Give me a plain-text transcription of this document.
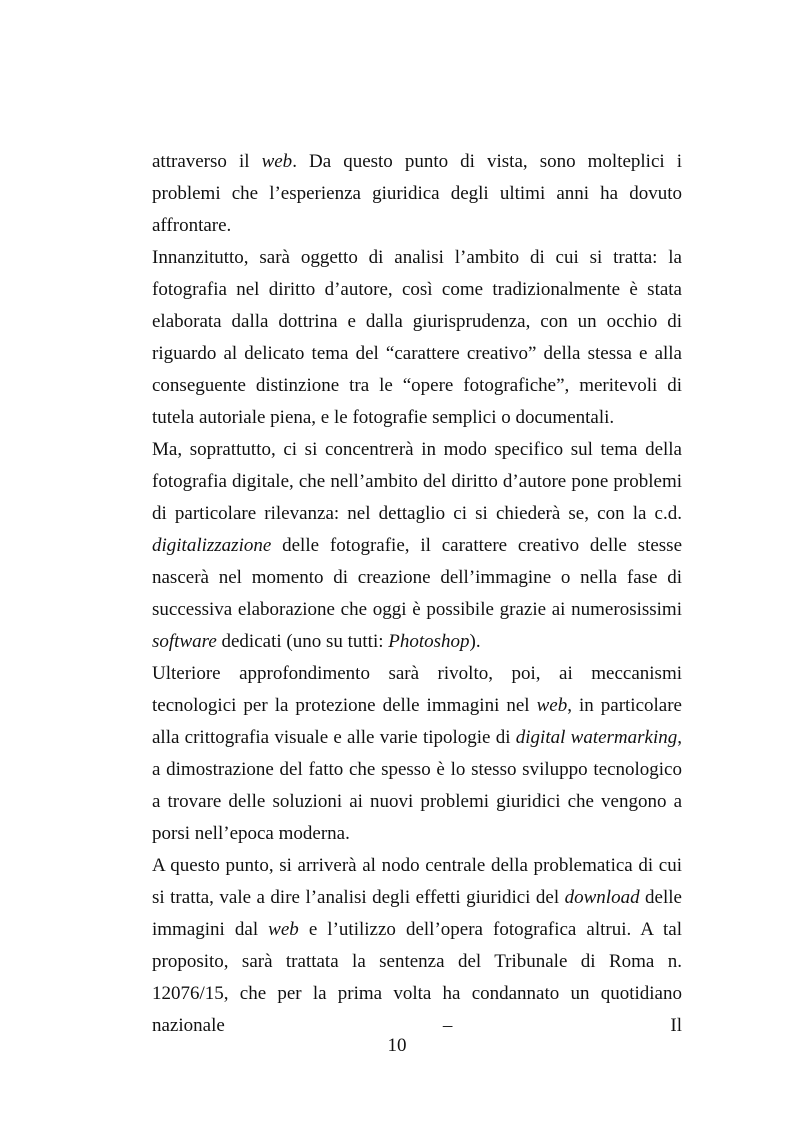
attraverso il web. Da questo punto di vista, sono molteplici i problemi che l’esperienza giuridica degli ultimi anni ha dovuto affrontare.

Innanzitutto, sarà oggetto di analisi l’ambito di cui si tratta: la fotografia nel diritto d’autore, così come tradizionalmente è stata elaborata dalla dottrina e dalla giurisprudenza, con un occhio di riguardo al delicato tema del “carattere creativo” della stessa e alla conseguente distinzione tra le “opere fotografiche”, meritevoli di tutela autoriale piena, e le fotografie semplici o documentali.

Ma, soprattutto, ci si concentrerà in modo specifico sul tema della fotografia digitale, che nell’ambito del diritto d’autore pone problemi di particolare rilevanza: nel dettaglio ci si chiederà se, con la c.d. digitalizzazione delle fotografie, il carattere creativo delle stesse nascerà nel momento di creazione dell’immagine o nella fase di successiva elaborazione che oggi è possibile grazie ai numerosissimi software dedicati (uno su tutti: Photoshop).

Ulteriore approfondimento sarà rivolto, poi, ai meccanismi tecnologici per la protezione delle immagini nel web, in particolare alla crittografia visuale e alle varie tipologie di digital watermarking, a dimostrazione del fatto che spesso è lo stesso sviluppo tecnologico a trovare delle soluzioni ai nuovi problemi giuridici che vengono a porsi nell’epoca moderna.

A questo punto, si arriverà al nodo centrale della problematica di cui si tratta, vale a dire l’analisi degli effetti giuridici del download delle immagini dal web e l’utilizzo dell’opera fotografica altrui. A tal proposito, sarà trattata la sentenza del Tribunale di Roma n. 12076/15, che per la prima volta ha condannato un quotidiano nazionale – Il

10
